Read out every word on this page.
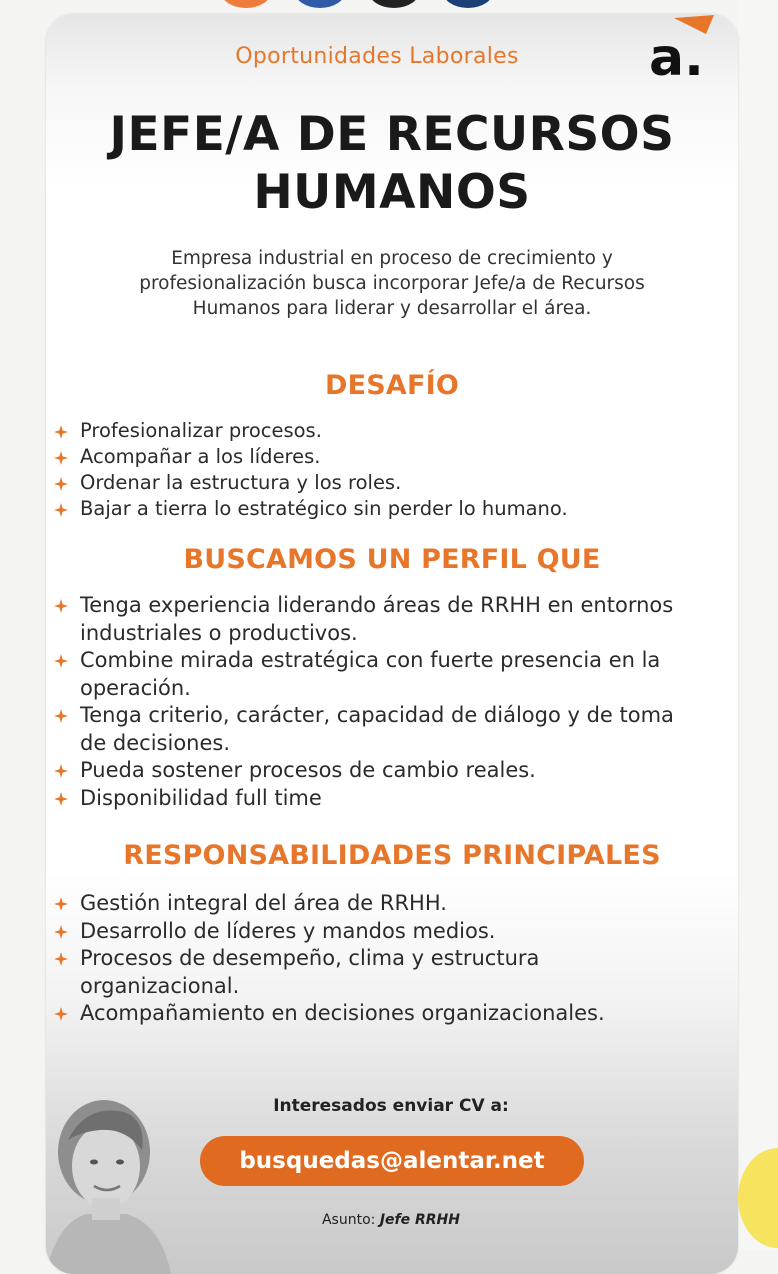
Oportunidades Laborales	a.
JEFE/A DE RECURSOS
HUMANOS
Empresa industrial en proceso de crecimiento y
profesionalización busca incorporar Jefe/a de Recursos
Humanos para liderar y desarrollar el área.
DESAFÍO
Profesionalizar procesos.
Acompañar a los líderes.
Ordenar la estructura y los roles.
Bajar a tierra lo estratégico sin perder lo humano.
BUSCAMOS UN PERFIL QUE
Tenga experiencia liderando áreas de RRHH en entornos
industriales o productivos.
Combine mirada estratégica con fuerte presencia en la
operación.
Tenga criterio, carácter, capacidad de diálogo y de toma
de decisiones.
Pueda sostener procesos de cambio reales.
Disponibilidad full time
RESPONSABILIDADES PRINCIPALES
Gestión integral del área de RRHH.
Desarrollo de líderes y mandos medios.
Procesos de desempeño, clima y estructura
organizacional.
Acompañamiento en decisiones organizacionales.
Interesados enviar CV a:
busquedas@alentar.net
Asunto: Jefe RRHH
